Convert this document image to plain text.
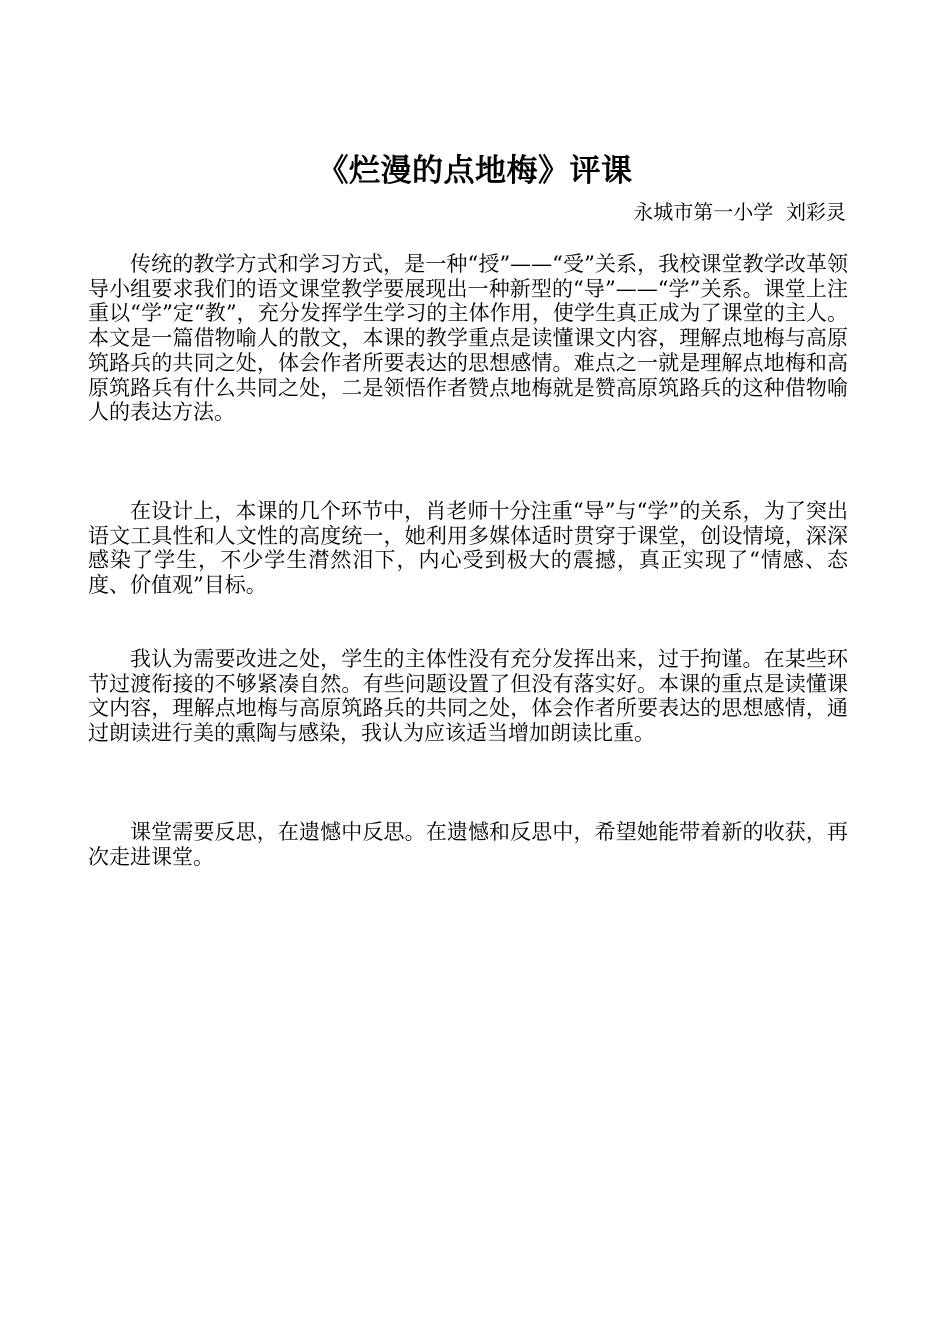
《烂漫的点地梅》评课
永城市第一小学  刘彩灵

传统的教学方式和学习方式，是一种“授”——“受”关系，我校课堂教学改革领导小组要求我们的语文课堂教学要展现出一种新型的“导”——“学”关系。课堂上注重以“学”定“教”，充分发挥学生学习的主体作用，使学生真正成为了课堂的主人。本文是一篇借物喻人的散文，本课的教学重点是读懂课文内容，理解点地梅与高原筑路兵的共同之处，体会作者所要表达的思想感情。难点之一就是理解点地梅和高原筑路兵有什么共同之处，二是领悟作者赞点地梅就是赞高原筑路兵的这种借物喻人的表达方法。

在设计上，本课的几个环节中，肖老师十分注重“导”与“学”的关系，为了突出语文工具性和人文性的高度统一，她利用多媒体适时贯穿于课堂，创设情境，深深感染了学生，不少学生潸然泪下，内心受到极大的震撼，真正实现了“情感、态度、价值观”目标。

我认为需要改进之处，学生的主体性没有充分发挥出来，过于拘谨。在某些环节过渡衔接的不够紧凑自然。有些问题设置了但没有落实好。本课的重点是读懂课文内容，理解点地梅与高原筑路兵的共同之处，体会作者所要表达的思想感情，通过朗读进行美的熏陶与感染，我认为应该适当增加朗读比重。

课堂需要反思，在遗憾中反思。在遗憾和反思中，希望她能带着新的收获，再次走进课堂。
